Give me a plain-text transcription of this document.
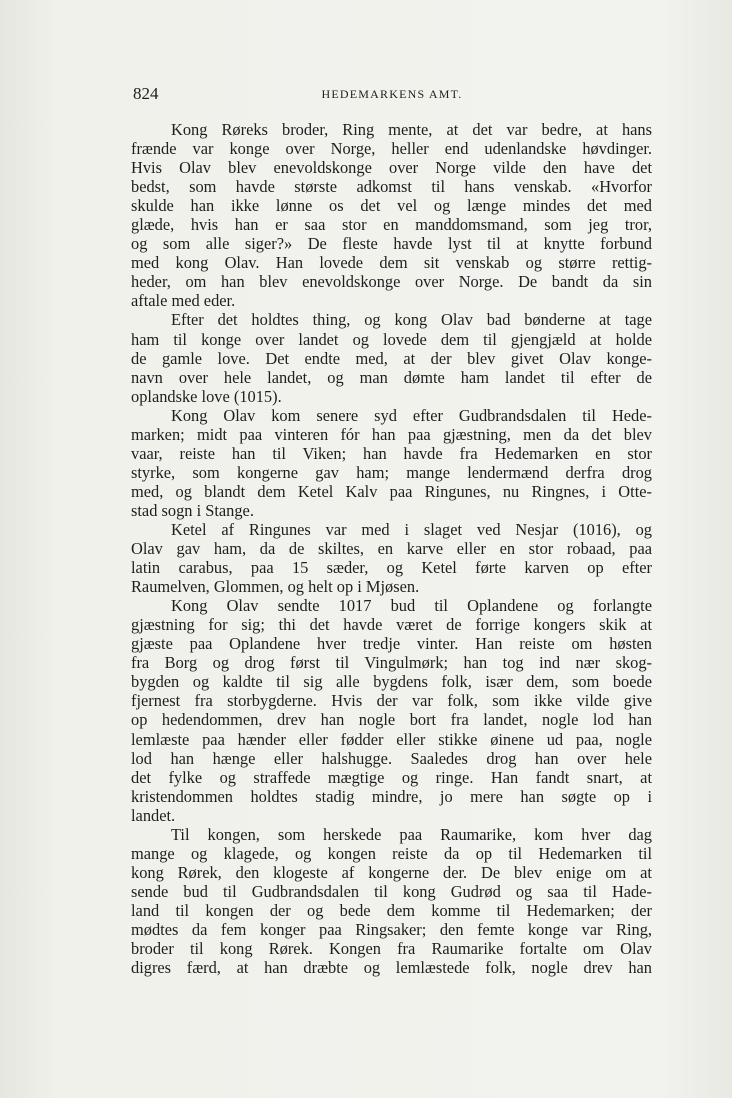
824	HEDEMARKENS AMT.
Kong Røreks broder, Ring mente, at det var bedre, at hans
frænde var konge over Norge, heller end udenlandske høvdinger.
Hvis Olav blev enevoldskonge over Norge vilde den have det
bedst, som havde største adkomst til hans venskab. «Hvorfor
skulde han ikke lønne os det vel og længe mindes det med
glæde, hvis han er saa stor en manddomsmand, som jeg tror,
og som alle siger?» De fleste havde lyst til at knytte forbund
med kong Olav. Han lovede dem sit venskab og større rettig-
heder, om han blev enevoldskonge over Norge. De bandt da sin
aftale med eder.
Efter det holdtes thing, og kong Olav bad bønderne at tage
ham til konge over landet og lovede dem til gjengjæld at holde
de gamle love. Det endte med, at der blev givet Olav konge-
navn over hele landet, og man dømte ham landet til efter de
oplandske love (1015).
Kong Olav kom senere syd efter Gudbrandsdalen til Hede-
marken; midt paa vinteren fór han paa gjæstning, men da det blev
vaar, reiste han til Viken; han havde fra Hedemarken en stor
styrke, som kongerne gav ham; mange lendermænd derfra drog
med, og blandt dem Ketel Kalv paa Ringunes, nu Ringnes, i Otte-
stad sogn i Stange.
Ketel af Ringunes var med i slaget ved Nesjar (1016), og
Olav gav ham, da de skiltes, en karve eller en stor robaad, paa
latin carabus, paa 15 sæder, og Ketel førte karven op efter
Raumelven, Glommen, og helt op i Mjøsen.
Kong Olav sendte 1017 bud til Oplandene og forlangte
gjæstning for sig; thi det havde været de forrige kongers skik at
gjæste paa Oplandene hver tredje vinter. Han reiste om høsten
fra Borg og drog først til Vingulmørk; han tog ind nær skog-
bygden og kaldte til sig alle bygdens folk, især dem, som boede
fjernest fra storbygderne. Hvis der var folk, som ikke vilde give
op hedendommen, drev han nogle bort fra landet, nogle lod han
lemlæste paa hænder eller fødder eller stikke øinene ud paa, nogle
lod han hænge eller halshugge. Saaledes drog han over hele
det fylke og straffede mægtige og ringe. Han fandt snart, at
kristendommen holdtes stadig mindre, jo mere han søgte op i
landet.
Til kongen, som herskede paa Raumarike, kom hver dag
mange og klagede, og kongen reiste da op til Hedemarken til
kong Rørek, den klogeste af kongerne der. De blev enige om at
sende bud til Gudbrandsdalen til kong Gudrød og saa til Hade-
land til kongen der og bede dem komme til Hedemarken; der
mødtes da fem konger paa Ringsaker; den femte konge var Ring,
broder til kong Rørek. Kongen fra Raumarike fortalte om Olav
digres færd, at han dræbte og lemlæstede folk, nogle drev han
